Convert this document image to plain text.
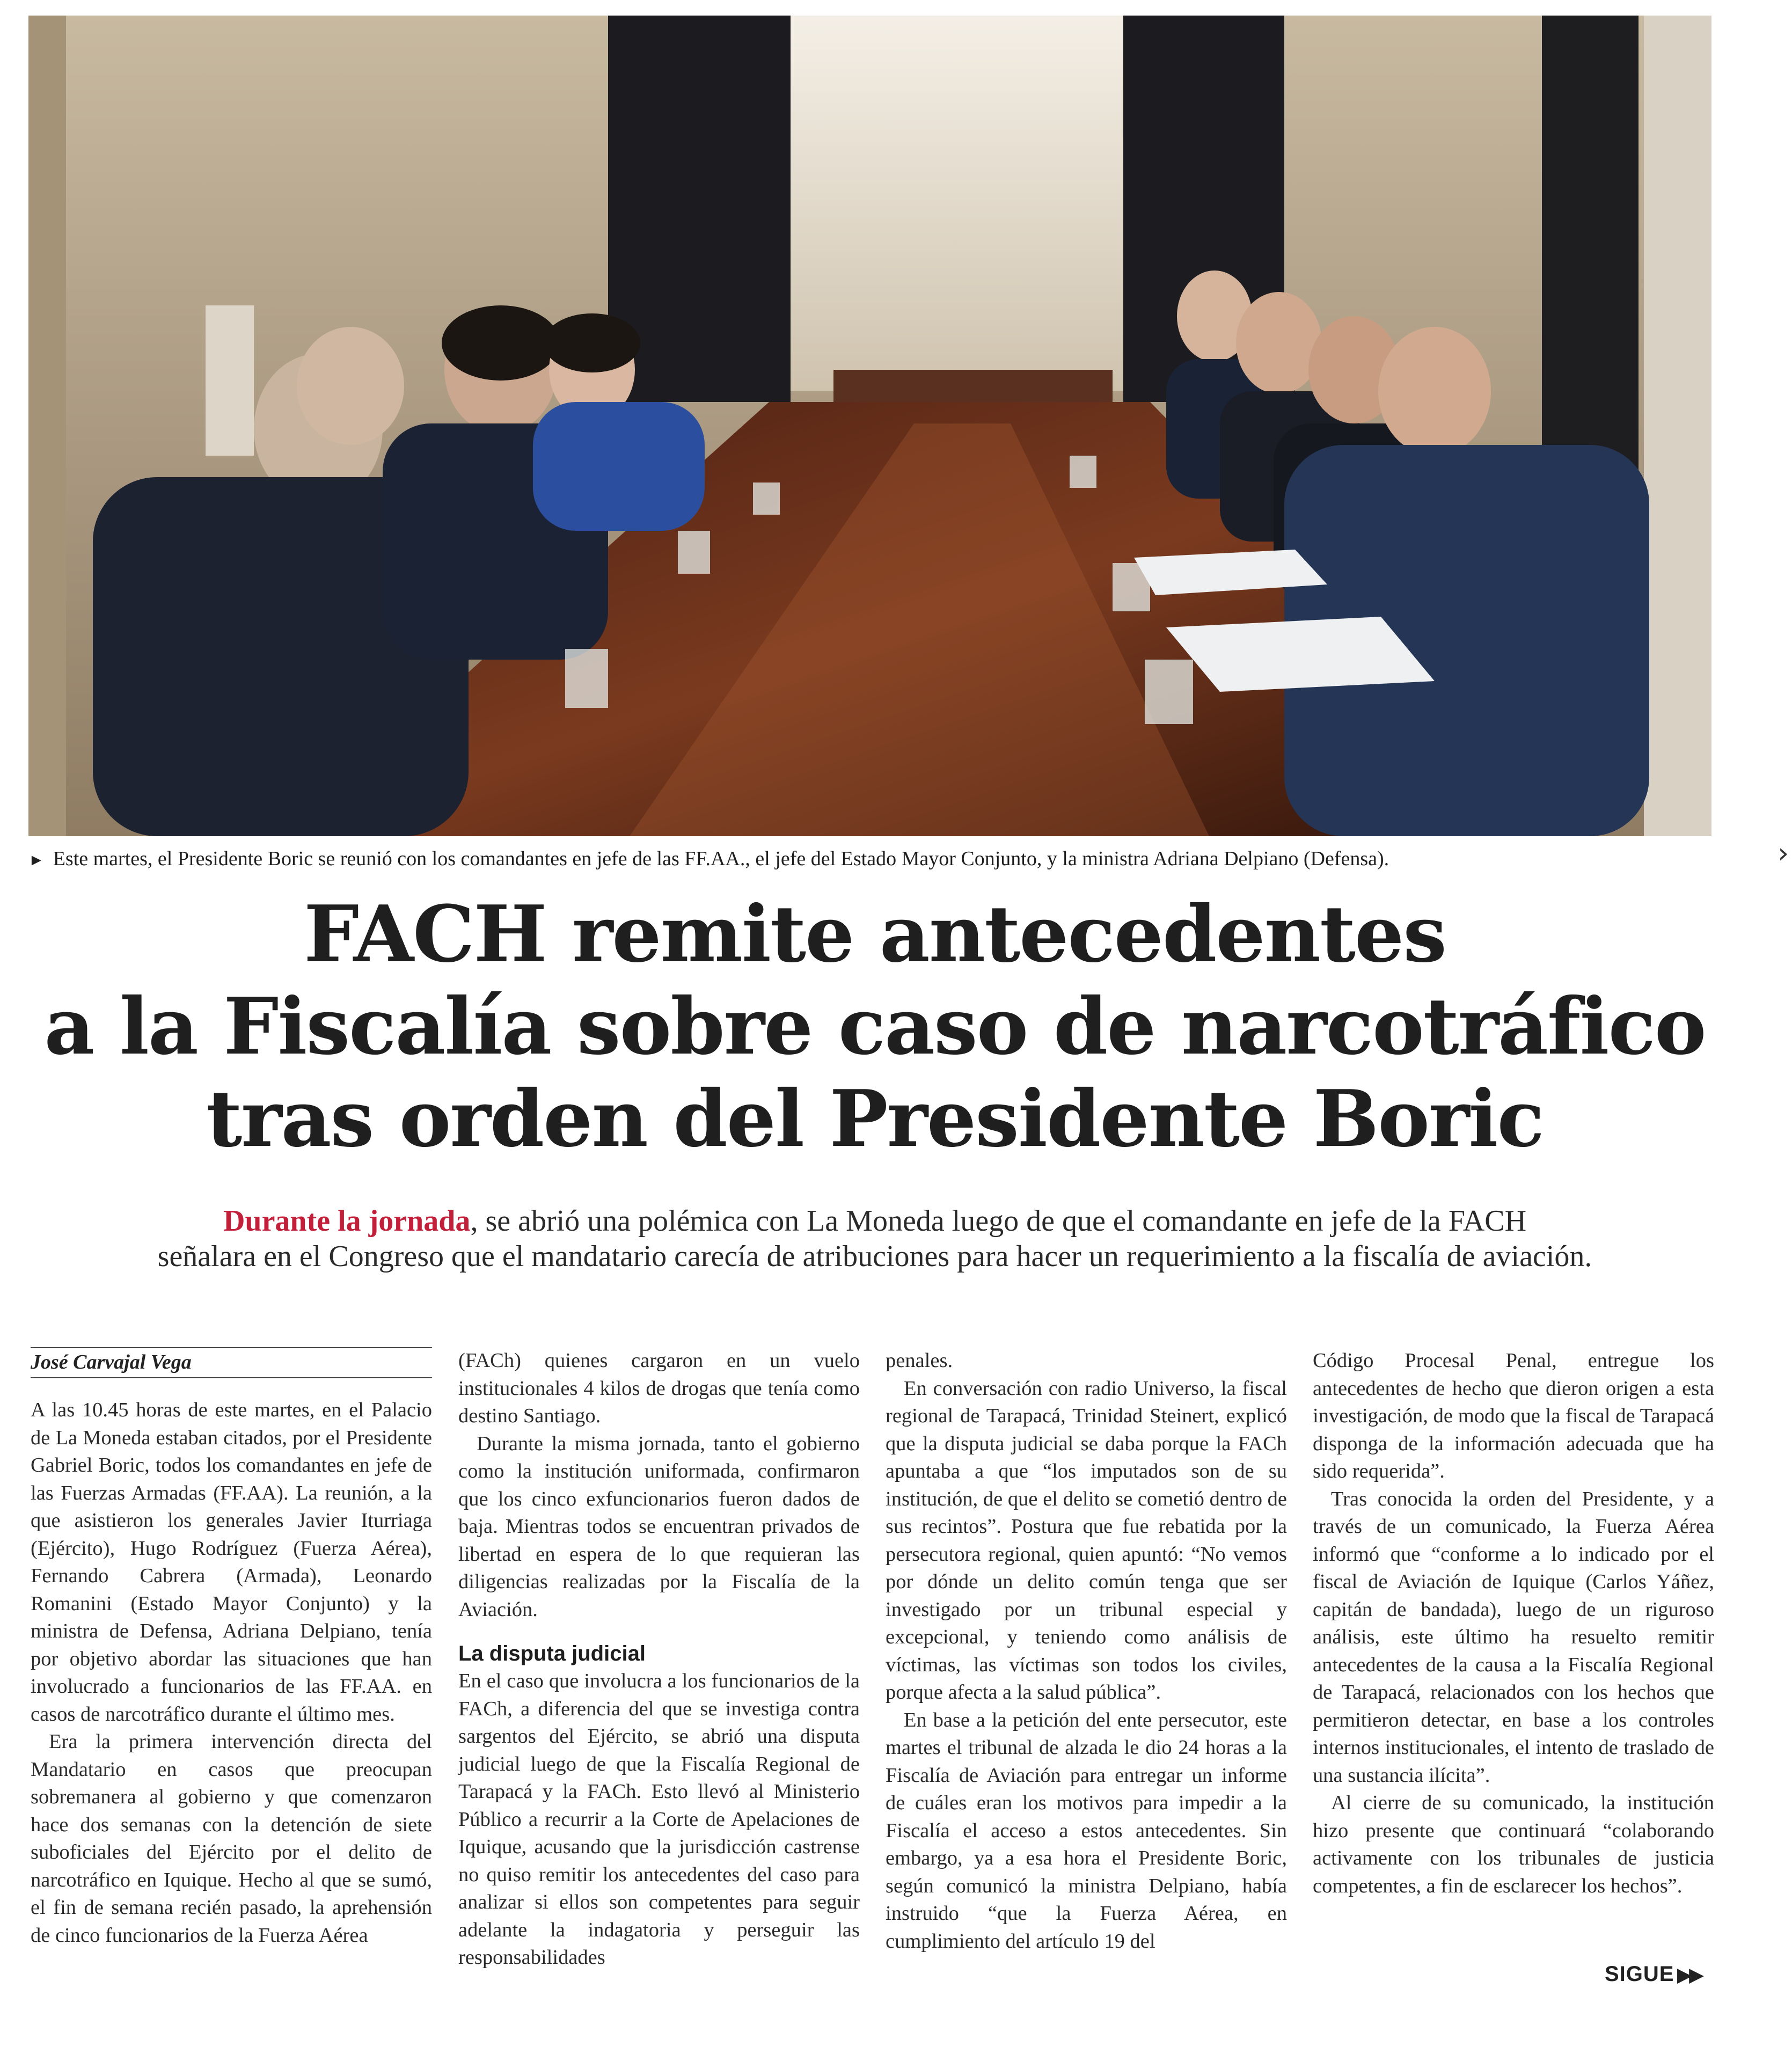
► Este martes, el Presidente Boric se reunió con los comandantes en jefe de las FF.AA., el jefe del Estado Mayor Conjunto, y la ministra Adriana Delpiano (Defensa).	›
FACH remite antecedentes
a la Fiscalía sobre caso de narcotráfico
tras orden del Presidente Boric
Durante la jornada, se abrió una polémica con La Moneda luego de que el comandante en jefe de la FACH
señalara en el Congreso que el mandatario carecía de atribuciones para hacer un requerimiento a la fiscalía de aviación.
José Carvajal Vega

A las 10.45 horas de este martes, en el Palacio de La Moneda estaban citados, por el Presidente Gabriel Boric, todos los comandantes en jefe de las Fuerzas Armadas (FF.AA). La reunión, a la que asistieron los generales Javier Iturriaga (Ejército), Hugo Rodríguez (Fuerza Aérea), Fernando Cabrera (Armada), Leonardo Romanini (Estado Mayor Conjunto) y la ministra de Defensa, Adriana Delpiano, tenía por objetivo abordar las situaciones que han involucrado a funcionarios de las FF.AA. en casos de narcotráfico durante el último mes.

Era la primera intervención directa del Mandatario en casos que preocupan sobremanera al gobierno y que comenzaron hace dos semanas con la detención de siete suboficiales del Ejército por el delito de narcotráfico en Iquique. Hecho al que se sumó, el fin de semana recién pasado, la aprehensión de cinco funcionarios de la Fuerza Aérea

(FACh) quienes cargaron en un vuelo institucionales 4 kilos de drogas que tenía como destino Santiago.

Durante la misma jornada, tanto el gobierno como la institución uniformada, confirmaron que los cinco exfuncionarios fueron dados de baja. Mientras todos se encuentran privados de libertad en espera de lo que requieran las diligencias realizadas por la Fiscalía de la Aviación.

La disputa judicial

En el caso que involucra a los funcionarios de la FACh, a diferencia del que se investiga contra sargentos del Ejército, se abrió una disputa judicial luego de que la Fiscalía Regional de Tarapacá y la FACh. Esto llevó al Ministerio Público a recurrir a la Corte de Apelaciones de Iquique, acusando que la jurisdicción castrense no quiso remitir los antecedentes del caso para analizar si ellos son competentes para seguir adelante la indagatoria y perseguir las responsabilidades

penales.

En conversación con radio Universo, la fiscal regional de Tarapacá, Trinidad Steinert, explicó que la disputa judicial se daba porque la FACh apuntaba a que “los imputados son de su institución, de que el delito se cometió dentro de sus recintos”. Postura que fue rebatida por la persecutora regional, quien apuntó: “No vemos por dónde un delito común tenga que ser investigado por un tribunal especial y excepcional, y teniendo como análisis de víctimas, las víctimas son todos los civiles, porque afecta a la salud pública”.

En base a la petición del ente persecutor, este martes el tribunal de alzada le dio 24 horas a la Fiscalía de Aviación para entregar un informe de cuáles eran los motivos para impedir a la Fiscalía el acceso a estos antecedentes. Sin embargo, ya a esa hora el Presidente Boric, según comunicó la ministra Delpiano, había instruido “que la Fuerza Aérea, en cumplimiento del artículo 19 del

Código Procesal Penal, entregue los antecedentes de hecho que dieron origen a esta investigación, de modo que la fiscal de Tarapacá disponga de la información adecuada que ha sido requerida”.

Tras conocida la orden del Presidente, y a través de un comunicado, la Fuerza Aérea informó que “conforme a lo indicado por el fiscal de Aviación de Iquique (Carlos Yáñez, capitán de bandada), luego de un riguroso análisis, este último ha resuelto remitir antecedentes de la causa a la Fiscalía Regional de Tarapacá, relacionados con los hechos que permitieron detectar, en base a los controles internos institucionales, el intento de traslado de una sustancia ilícita”.

Al cierre de su comunicado, la institución hizo presente que continuará “colaborando activamente con los tribunales de justicia competentes, a fin de esclarecer los hechos”.

SIGUE ▶▶
